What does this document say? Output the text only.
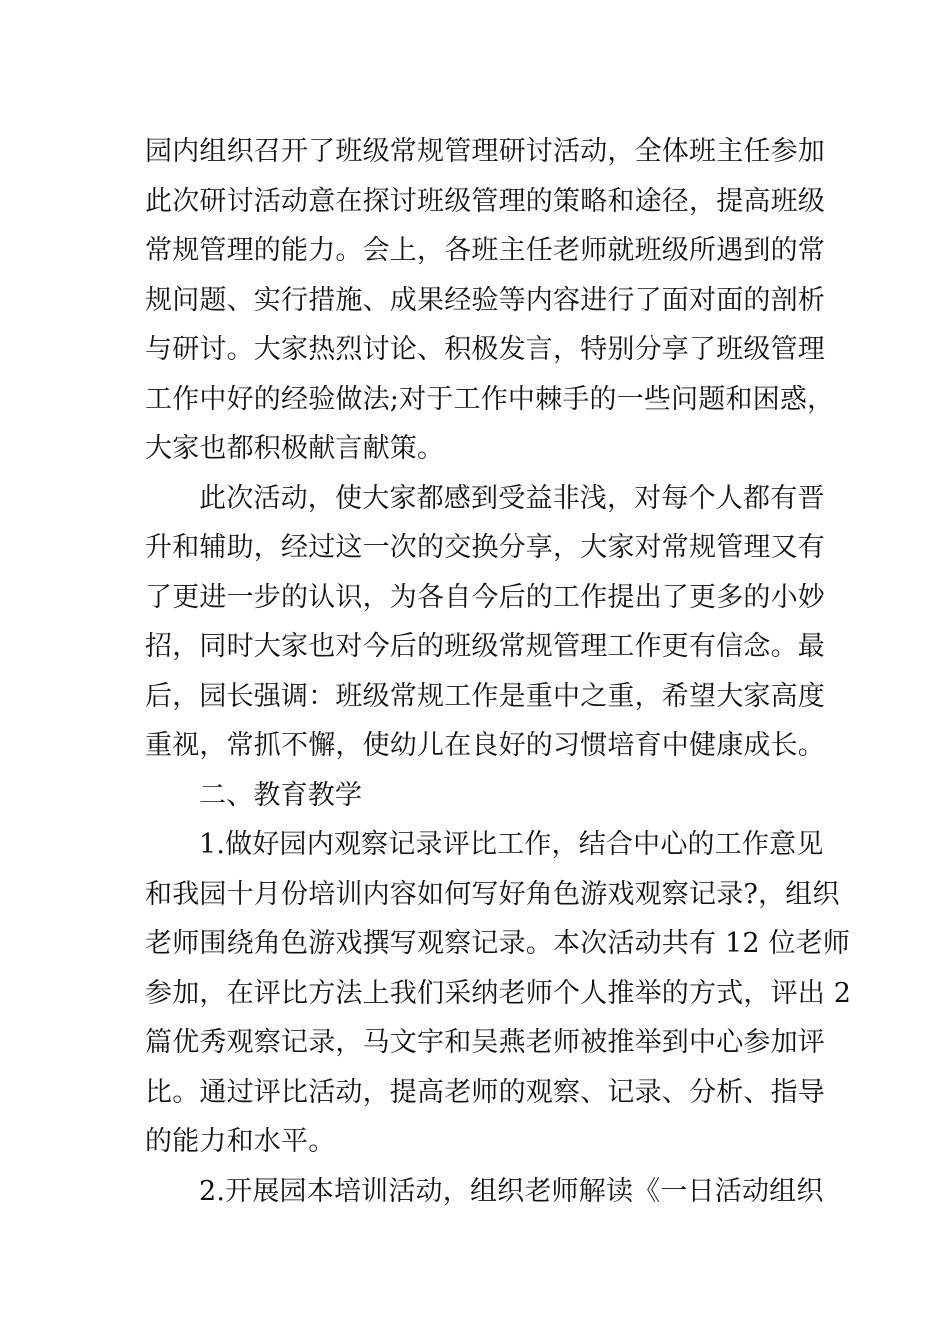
园内组织召开了班级常规管理研讨活动，全体班主任参加
此次研讨活动意在探讨班级管理的策略和途径，提高班级
常规管理的能力。会上，各班主任老师就班级所遇到的常
规问题、实行措施、成果经验等内容进行了面对面的剖析
与研讨。大家热烈讨论、积极发言，特别分享了班级管理
工作中好的经验做法;对于工作中棘手的一些问题和困惑，
大家也都积极献言献策。
此次活动，使大家都感到受益非浅，对每个人都有晋
升和辅助，经过这一次的交换分享，大家对常规管理又有
了更进一步的认识，为各自今后的工作提出了更多的小妙
招，同时大家也对今后的班级常规管理工作更有信念。最
后，园长强调：班级常规工作是重中之重，希望大家高度
重视，常抓不懈，使幼儿在良好的习惯培育中健康成长。
二、教育教学
1.做好园内观察记录评比工作，结合中心的工作意见
和我园十月份培训内容如何写好角色游戏观察记录?，组织
老师围绕角色游戏撰写观察记录。本次活动共有 12 位老师
参加，在评比方法上我们采纳老师个人推举的方式，评出 2
篇优秀观察记录，马文宇和吴燕老师被推举到中心参加评
比。通过评比活动，提高老师的观察、记录、分析、指导
的能力和水平。
2.开展园本培训活动，组织老师解读《一日活动组织
